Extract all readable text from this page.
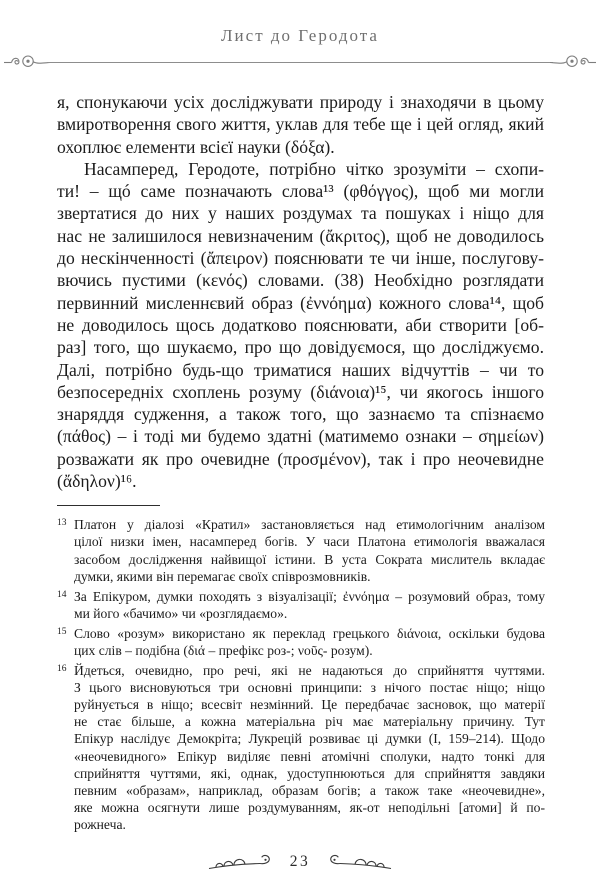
Лист до Геродота
я, спонукаючи усіх досліджувати природу і знаходячи в цьому
вмиротворення свого життя, уклав для тебе ще і цей огляд, який
охоплює елементи всієї науки (δόξα).
Насамперед, Геродоте, потрібно чітко зрозуміти – схопи-
ти! – щó саме позначають слова¹³ (φθόγγος), щоб ми могли
звертатися до них у наших роздумах та пошуках і ніщо для
нас не залишилося невизначеним (ἄκριτος), щоб не доводилось
до нескінченності (ἄπειρον) пояснювати те чи інше, послугову-
вючись пустими (κενός) словами. (38) Необхідно розглядати
первинний мисленнєвий образ (ἐννόημα) кожного слова¹⁴, щоб
не доводилось щось додатково пояснювати, аби створити [об-
раз] того, що шукаємо, про що довідуємося, що досліджуємо.
Далі, потрібно будь-що триматися наших відчуттів – чи то
безпосередніх схоплень розуму (διάνοια)¹⁵, чи якогось іншого
знаряддя судження, а також того, що зазнаємо та спізнаємо
(πάθος) – і тоді ми будемо здатні (матимемо ознаки – σημείων)
розважати як про очевидне (προσμένον), так і про неочевидне
(ἄδηλον)¹⁶.
13 Платон у діалозі «Кратил» застановляється над етимологічним аналізом
цілої низки імен, насамперед богів. У часи Платона етимологія вважалася
засобом дослідження найвищої істини. В уста Сократа мислитель вкладає
думки, якими він перемагає своїх співрозмовників.
14 За Епікуром, думки походять з візуалізації; ἐννόημα – розумовий образ, тому
ми його «бачимо» чи «розглядаємо».
15 Слово «розум» використано як переклад грецького διάνοια, оскільки будова
цих слів – подібна (διά – префікс роз-; νοῦς- розум).
16 Йдеться, очевидно, про речі, які не надаються до сприйняття чуттями.
З цього висновуються три основні принципи: з нічого постає ніщо; ніщо
руйнується в ніщо; всесвіт незмінний. Це передбачає засновок, що матерії
не стає більше, а кожна матеріальна річ має матеріальну причину. Тут
Епікур наслідує Демокріта; Лукрецій розвиває ці думки (I, 159–214). Щодо
«неочевидного» Епікур виділяє певні атомічні сполуки, надто тонкі для
сприйняття чуттями, які, однак, удоступнюються для сприйняття завдяки
певним «образам», наприклад, образам богів; а також таке «неочевидне»,
яке можна осягнути лише роздумуванням, як-от неподільні [атоми] й по-
рожнеча.
23
